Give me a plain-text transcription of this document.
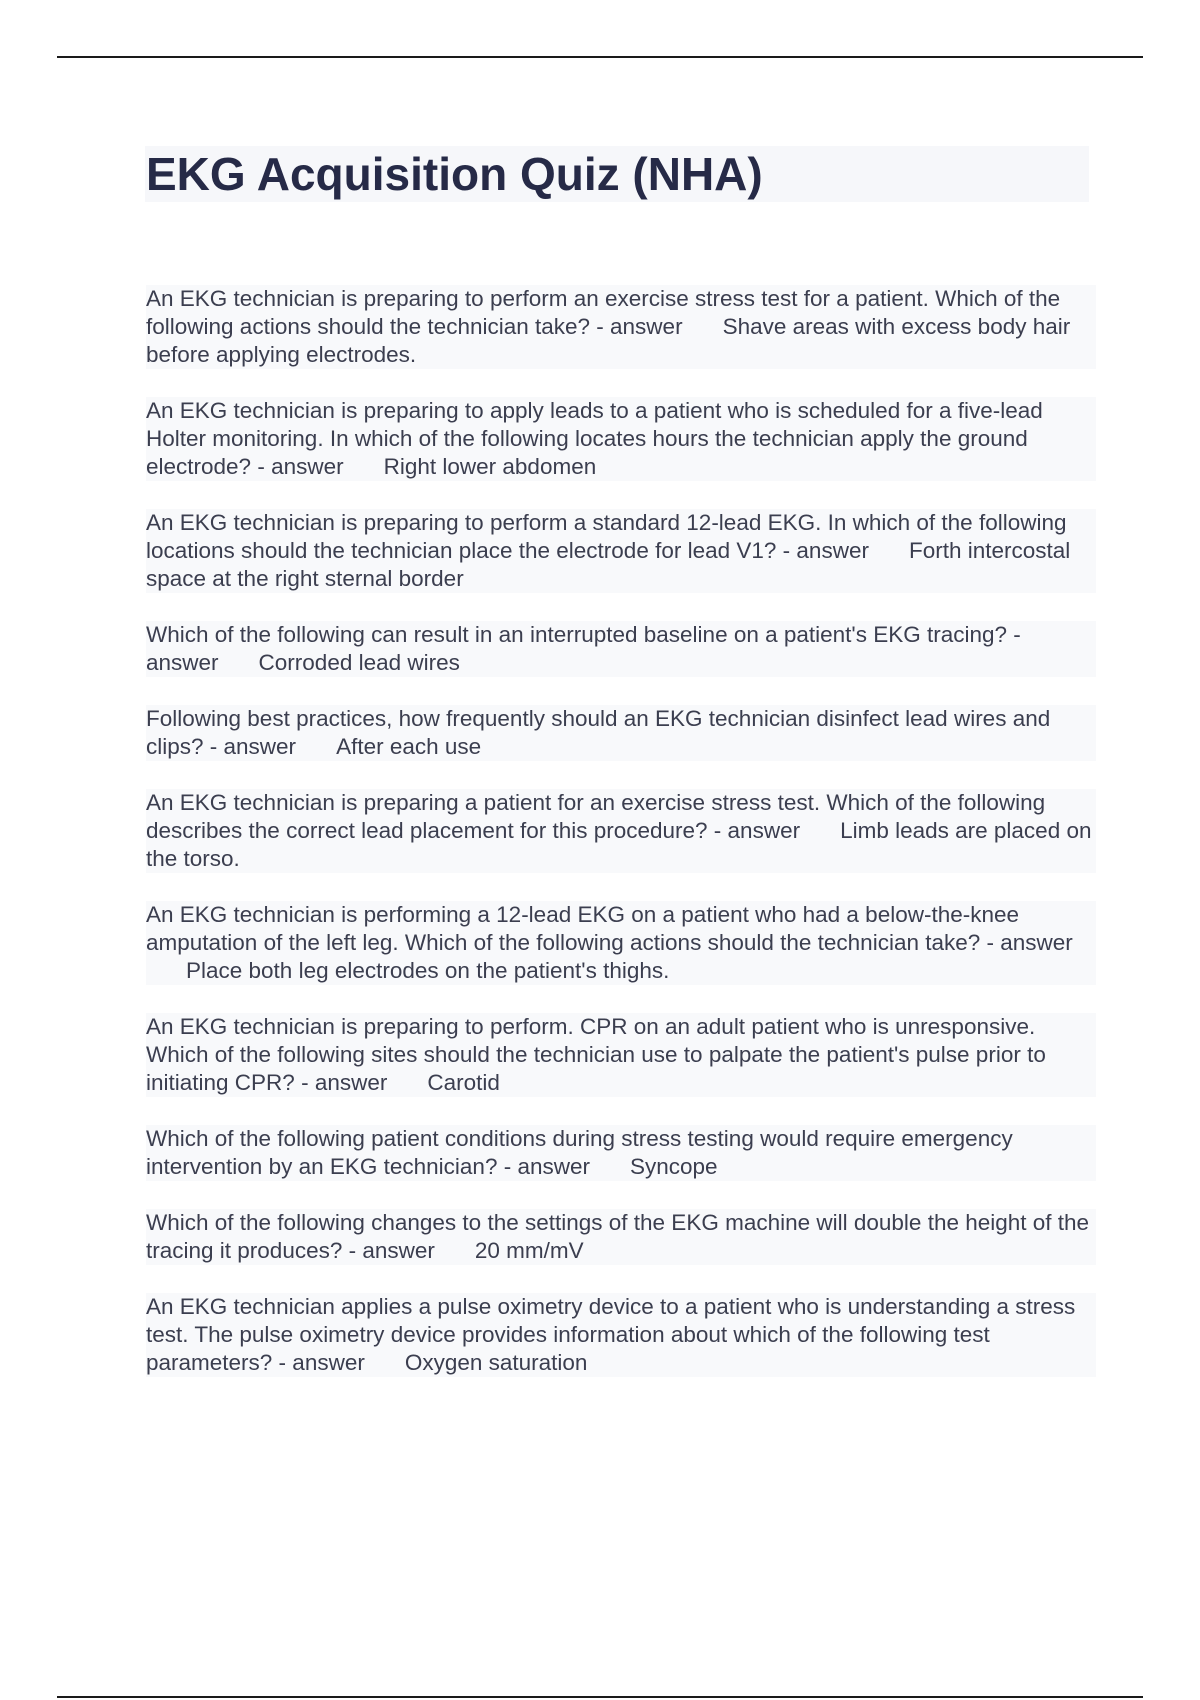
EKG Acquisition Quiz (NHA)

An EKG technician is preparing to perform an exercise stress test for a patient. Which of the following actions should the technician take? - answer Shave areas with excess body hair before applying electrodes.

An EKG technician is preparing to apply leads to a patient who is scheduled for a five-lead Holter monitoring. In which of the following locates hours the technician apply the ground electrode? - answer Right lower abdomen

An EKG technician is preparing to perform a standard 12-lead EKG. In which of the following locations should the technician place the electrode for lead V1? - answer Forth intercostal space at the right sternal border

Which of the following can result in an interrupted baseline on a patient's EKG tracing? - answer Corroded lead wires

Following best practices, how frequently should an EKG technician disinfect lead wires and clips? - answer After each use

An EKG technician is preparing a patient for an exercise stress test. Which of the following describes the correct lead placement for this procedure? - answer Limb leads are placed on the torso.

An EKG technician is performing a 12-lead EKG on a patient who had a below-the-knee amputation of the left leg. Which of the following actions should the technician take? - answerPlace both leg electrodes on the patient's thighs.

An EKG technician is preparing to perform. CPR on an adult patient who is unresponsive. Which of the following sites should the technician use to palpate the patient's pulse prior to initiating CPR? - answer Carotid

Which of the following patient conditions during stress testing would require emergency intervention by an EKG technician? - answer Syncope

Which of the following changes to the settings of the EKG machine will double the height of the tracing it produces? - answer 20 mm/mV

An EKG technician applies a pulse oximetry device to a patient who is understanding a stress test. The pulse oximetry device provides information about which of the following test parameters? - answer Oxygen saturation
